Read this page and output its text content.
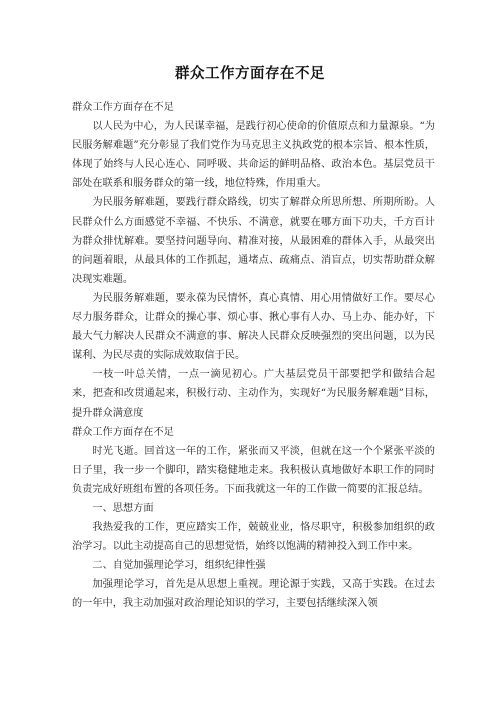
群众工作方面存在不足

群众工作方面存在不足

以人民为中心，为人民谋幸福，是践行初心使命的价值原点和力量源泉。“为民服务解难题”充分彰显了我们党作为马克思主义执政党的根本宗旨、根本性质，体现了始终与人民心连心、同呼吸、共命运的鲜明品格、政治本色。基层党员干部处在联系和服务群众的第一线，地位特殊，作用重大。

为民服务解难题，要践行群众路线，切实了解群众所思所想、所期所盼。人民群众什么方面感觉不幸福、不快乐、不满意，就要在哪方面下功夫，千方百计为群众排忧解难。要坚持问题导向、精准对接，从最困难的群体入手，从最突出的问题着眼，从最具体的工作抓起，通堵点、疏痛点、消盲点，切实帮助群众解决现实难题。

为民服务解难题，要永葆为民情怀，真心真情、用心用情做好工作。要尽心尽力服务群众，让群众的操心事、烦心事、揪心事有人办、马上办、能办好，下最大气力解决人民群众不满意的事、解决人民群众反映强烈的突出问题，以为民谋利、为民尽责的实际成效取信于民。

一枝一叶总关情，一点一滴见初心。广大基层党员干部要把学和做结合起来，把查和改贯通起来，积极行动、主动作为，实现好“为民服务解难题”目标，提升群众满意度

群众工作方面存在不足

时光飞逝。回首这一年的工作，紧张而又平淡，但就在这一个个紧张平淡的日子里，我一步一个脚印，踏实稳健地走来。我积极认真地做好本职工作的同时负责完成好班组布置的各项任务。下面我就这一年的工作做一简要的汇报总结。

一、思想方面

我热爱我的工作，更应踏实工作，兢兢业业，恪尽职守，积极参加组织的政治学习。以此主动提高自己的思想觉悟，始终以饱满的精神投入到工作中来。

二、自觉加强理论学习，组织纪律性强

加强理论学习，首先是从思想上重视。理论源于实践，又高于实践。在过去的一年中，我主动加强对政治理论知识的学习，主要包括继续深入领
